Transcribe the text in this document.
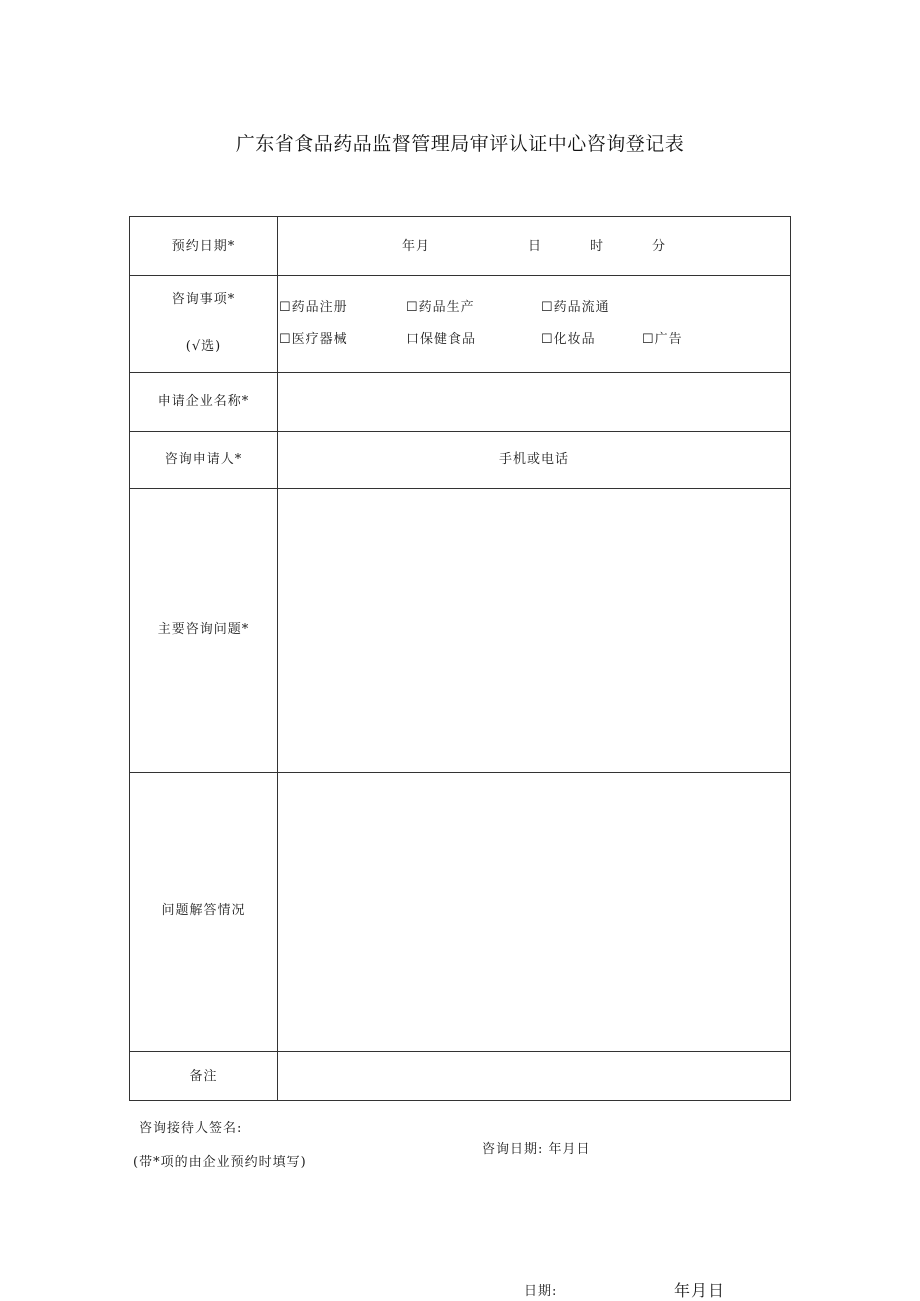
广东省食品药品监督管理局审评认证中心咨询登记表
预约日期*	年月	日	时	分
咨询事项*
(√选)
☐药品注册	☐药品生产	☐药品流通
☐医疗器械	口保健食品	☐化妆品	☐广告
申请企业名称*
咨询申请人*	手机或电话
主要咨询问题*
问题解答情况
备注
咨询接待人签名:
咨询日期: 年月日
(带*项的由企业预约时填写)
日期:	年月日
